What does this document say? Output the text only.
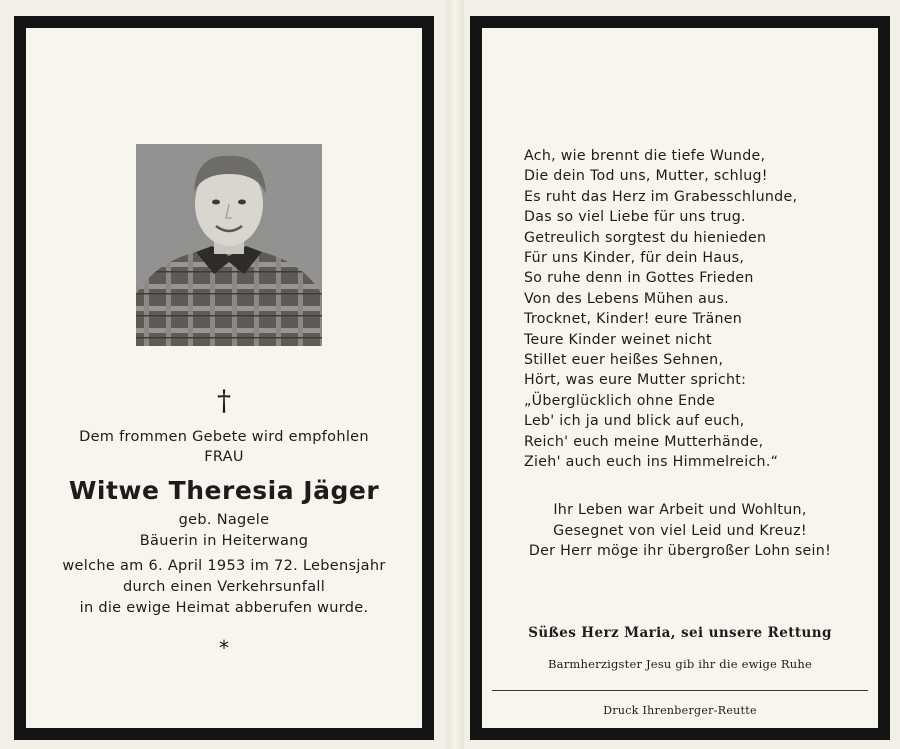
†
Dem frommen Gebete wird empfohlen
FRAU
Witwe Theresia Jäger
geb. Nagele
Bäuerin in Heiterwang
welche am 6. April 1953 im 72. Lebensjahr
durch einen Verkehrsunfall
in die ewige Heimat abberufen wurde.
*
Ach, wie brennt die tiefe Wunde,
Die dein Tod uns, Mutter, schlug!
Es ruht das Herz im Grabesschlunde,
Das so viel Liebe für uns trug.
Getreulich sorgtest du hienieden
Für uns Kinder, für dein Haus,
So ruhe denn in Gottes Frieden
Von des Lebens Mühen aus.
Trocknet, Kinder! eure Tränen
Teure Kinder weinet nicht
Stillet euer heißes Sehnen,
Hört, was eure Mutter spricht:
„Überglücklich ohne Ende
Leb' ich ja und blick auf euch,
Reich' euch meine Mutterhände,
Zieh' auch euch ins Himmelreich.“
Ihr Leben war Arbeit und Wohltun,
Gesegnet von viel Leid und Kreuz!
Der Herr möge ihr übergroßer Lohn sein!
Süßes Herz Maria, sei unsere Rettung
Barmherzigster Jesu gib ihr die ewige Ruhe
Druck Ihrenberger-Reutte
